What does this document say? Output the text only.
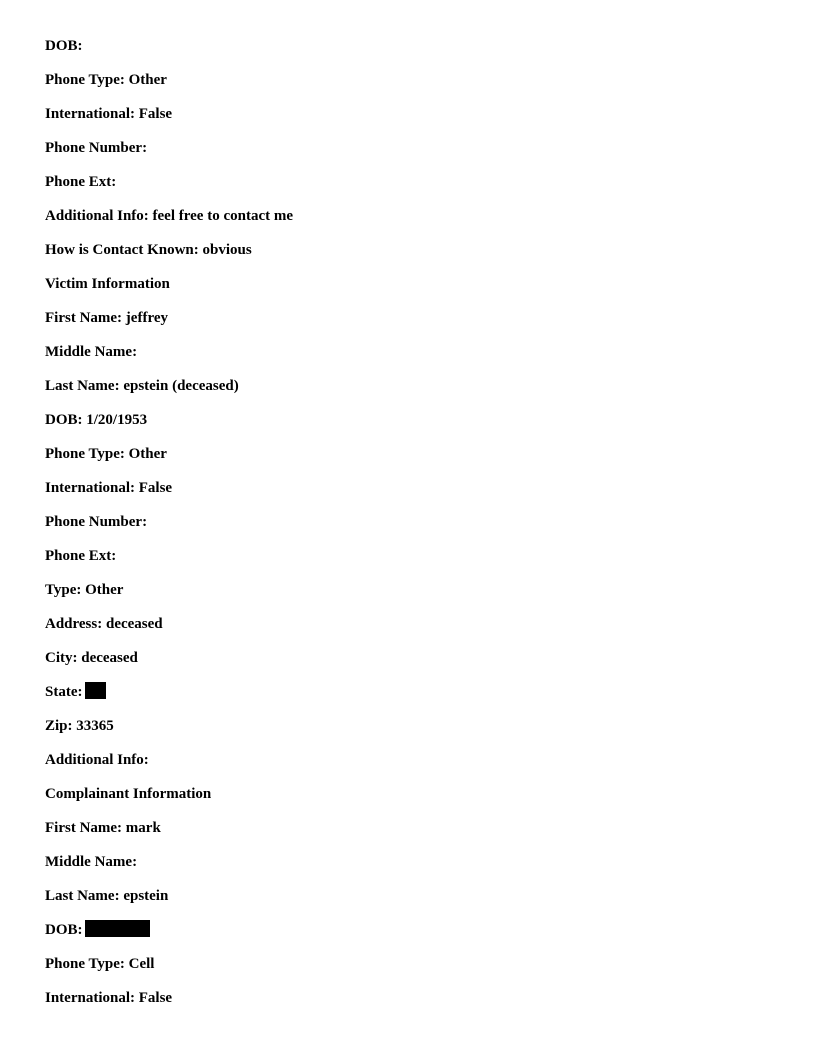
DOB:
Phone Type: Other
International: False
Phone Number:
Phone Ext:
Additional Info: feel free to contact me
How is Contact Known: obvious
Victim Information
First Name: jeffrey
Middle Name:
Last Name: epstein (deceased)
DOB: 1/20/1953
Phone Type: Other
International: False
Phone Number:
Phone Ext:
Type: Other
Address: deceased
City: deceased
State:
Zip: 33365
Additional Info:
Complainant Information
First Name: mark
Middle Name:
Last Name: epstein
DOB:
Phone Type: Cell
International: False
